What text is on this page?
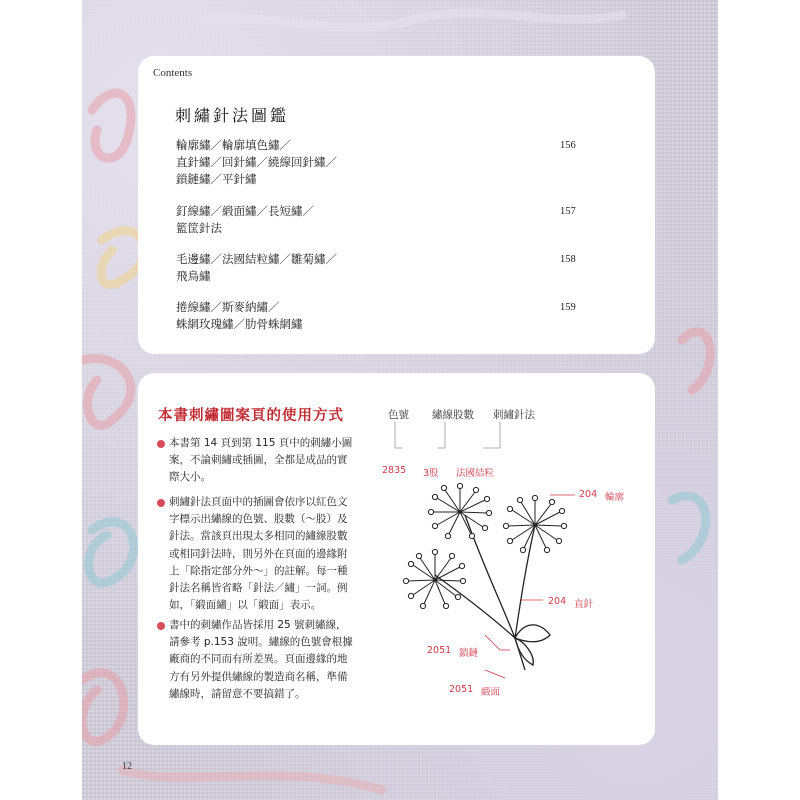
Contents
刺繡針法圖鑑
輪廓繡／輪廓填色繡／
直針繡／回針繡／繞線回針繡／
鎖鏈繡／平針繡
156
釘線繡／緞面繡／長短繡／
籃筐針法
157
毛邊繡／法國結粒繡／雛菊繡／
飛鳥繡
158
捲線繡／斯麥納繡／
蛛網玫瑰繡／肋骨蛛網繡
159
本書刺繡圖案頁的使用方式
本書第 14 頁到第 115 頁中的刺繡小圖案，不論刺繡或插圖，全都是成品的實際大小。
刺繡針法頁面中的插圖會依序以紅色文字標示出繡線的色號、股數（～股）及針法。當該頁出現太多相同的繡線股數或相同針法時，則另外在頁面的邊緣附上「除指定部分外～」的註解。每一種針法名稱皆省略「針法／繡」一詞。例如，「緞面繡」以「緞面」表示。
書中的刺繡作品皆採用 25 號刺繡線，請參考 p.153 說明。繡線的色號會根據廠商的不同而有所差異。頁面邊緣的地方有另外提供繡線的製造商名稱，準備繡線時，請留意不要搞錯了。
色號 繡線股數 刺繡針法
2835 3股 法國結粒
204 輪廓
204 直針
2051 鎖鏈
2051 緞面
12
